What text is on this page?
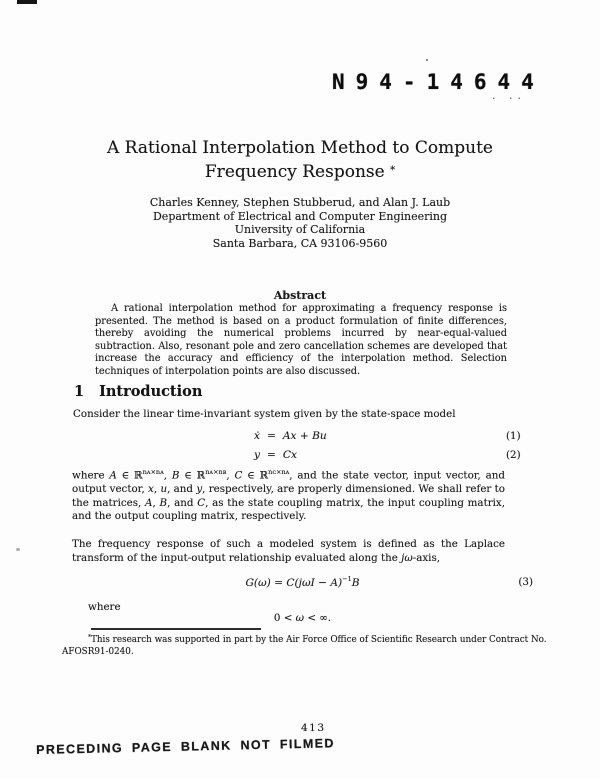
N94-14644
· ··
A Rational Interpolation Method to Compute
Frequency Response *
Charles Kenney, Stephen Stubberud, and Alan J. Laub
Department of Electrical and Computer Engineering
University of California
Santa Barbara, CA 93106-9560
Abstract

A rational interpolation method for approximating a frequency response is presented. The method is based on a product formulation of finite differences, thereby avoiding the numerical problems incurred by near-equal-valued subtraction. Also, resonant pole and zero cancellation schemes are developed that increase the accuracy and efficiency of the interpolation method. Selection techniques of interpolation points are also discussed.

1 Introduction
Consider the linear time-invariant system given by the state-space model
ẋ = Ax + Bu
y = Cx
(1)
(2)

where A ∈ ℝ$^{nᴀ\times nᴀ}$, B ∈ ℝ$^{nᴀ\times nʙ}$, C ∈ ℝ$^{nᴄ\times nᴀ}$, and the state vector, input vector, and output vector, x, u, and y, respectively, are properly dimensioned. We shall refer to the matrices, A, B, and C, as the state coupling matrix, the input coupling matrix, and the output coupling matrix, respectively.

The frequency response of such a modeled system is defined as the Laplace transform of the input-output relationship evaluated along the jω-axis,

$G(\omega) = C(j\omega I - A)^{-1}B$	(3)
where
0 < ω < ∞.
*This research was supported in part by the Air Force Office of Scientific Research under Contract No.
AFOSR91-0240.
413
PRECEDING PAGE BLANK NOT FILMED
